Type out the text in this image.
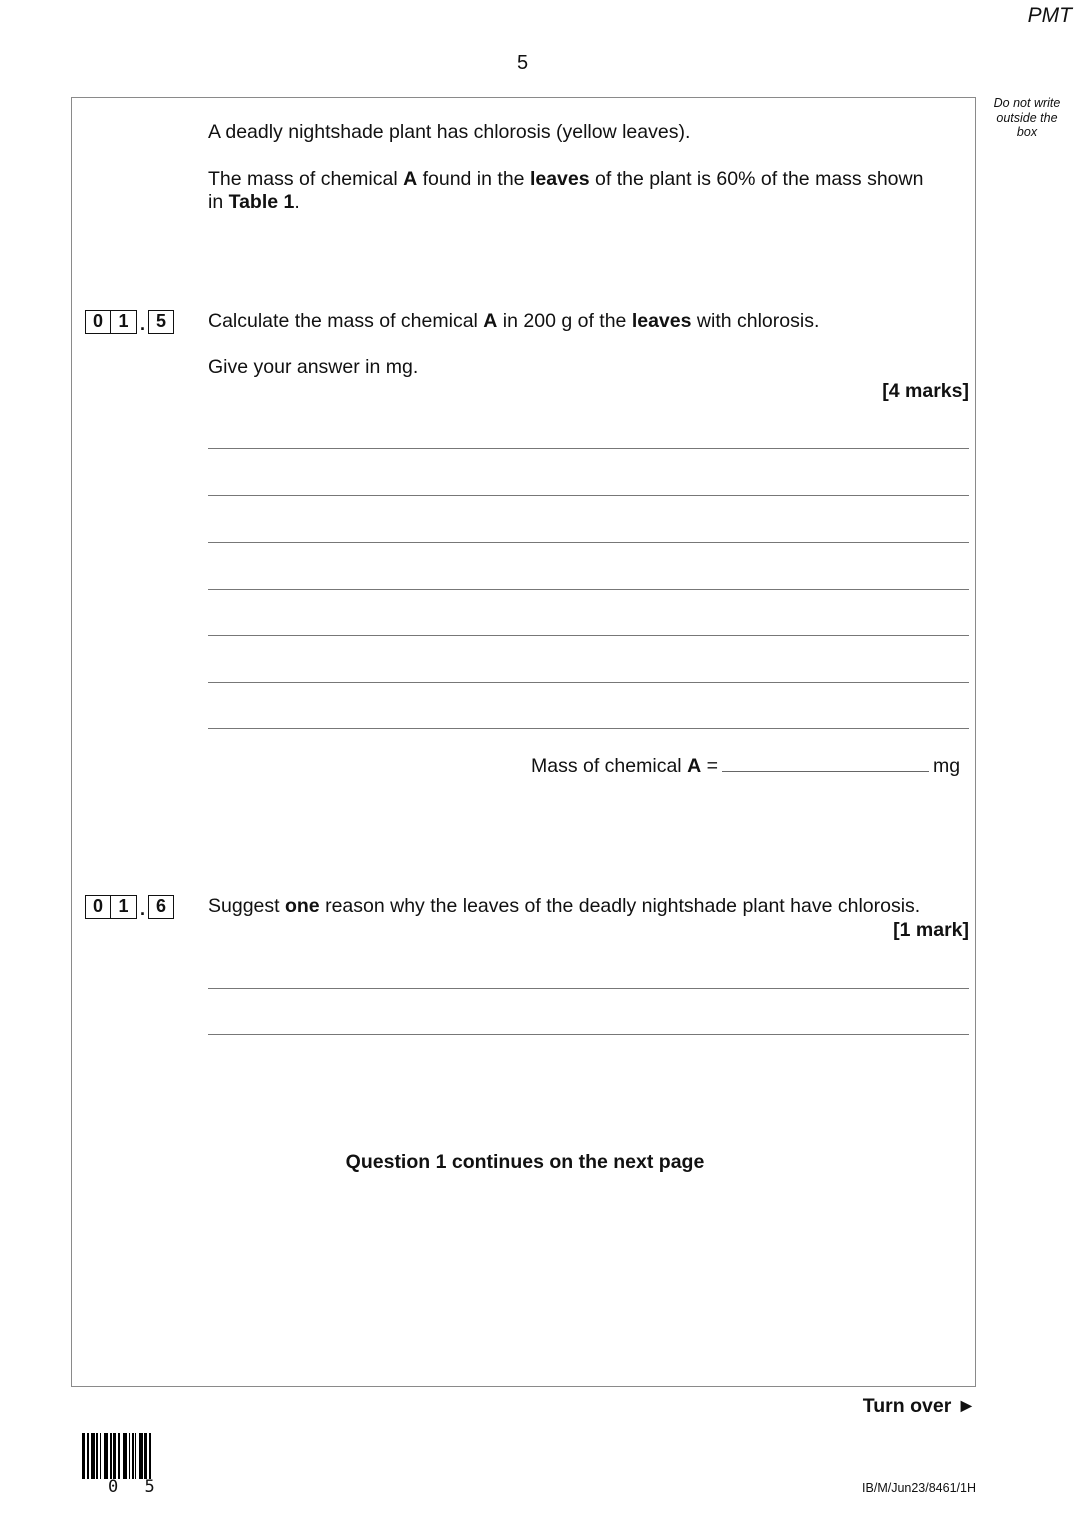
PMT
5
Do not write outside the box
A deadly nightshade plant has chlorosis (yellow leaves).
The mass of chemical A found in the leaves of the plant is 60% of the mass shown
in Table 1.
0 1 . 5	Calculate the mass of chemical A in 200 g of the leaves with chlorosis.
Give your answer in mg.
[4 marks]
Mass of chemical A =	mg
0 1 . 6	Suggest one reason why the leaves of the deadly nightshade plant have chlorosis.
[1 mark]
Question 1 continues on the next page
Turn over ►
0 5	IB/M/Jun23/8461/1H
